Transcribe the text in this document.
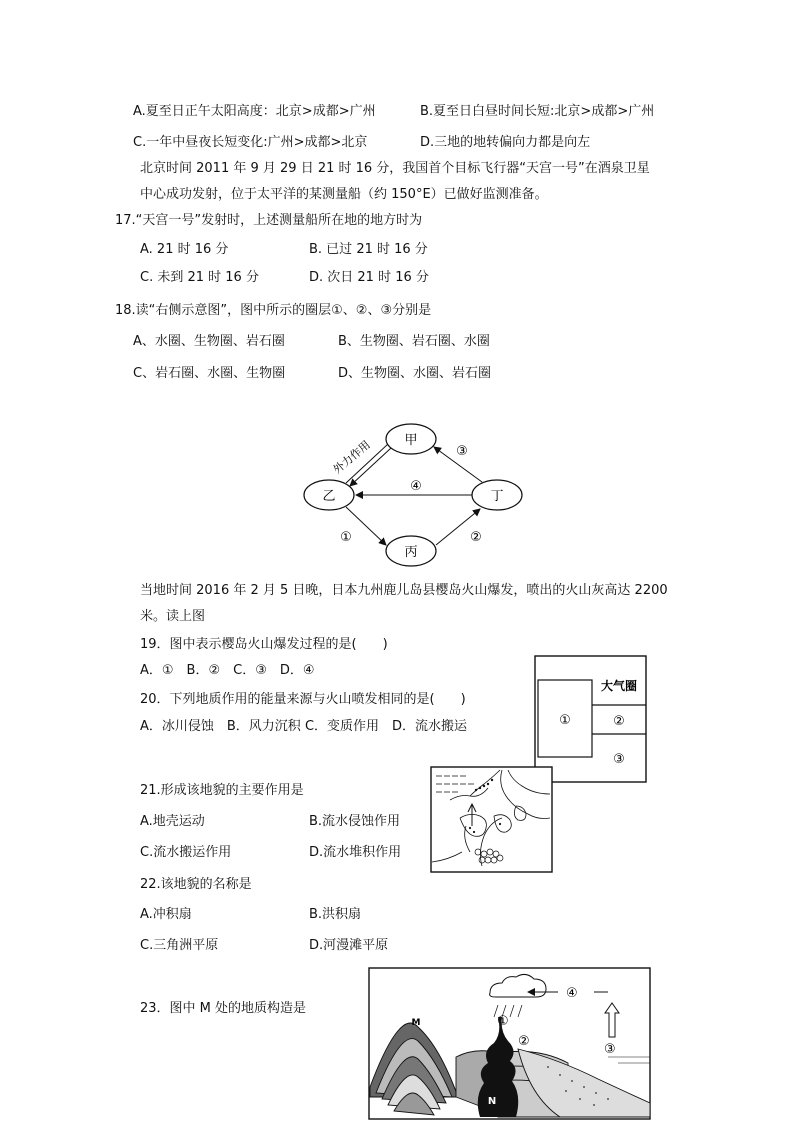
A.夏至日正午太阳高度：北京>成都>广州	B.夏至日白昼时间长短:北京>成都>广州
C.一年中昼夜长短变化:广州>成都>北京	D.三地的地转偏向力都是向左
北京时间 2011 年 9 月 29 日 21 时 16 分，我国首个目标飞行器“天宫一号”在酒泉卫星
中心成功发射，位于太平洋的某测量船（约 150°E）已做好监测准备。
17.“天宫一号”发射时，上述测量船所在地的地方时为
A. 21 时 16 分	B. 已过 21 时 16 分
C. 未到 21 时 16 分	D. 次日 21 时 16 分
18.读“右侧示意图”，图中所示的圈层①、②、③分别是
A、水圈、生物圈、岩石圈	B、生物圈、岩石圈、水圈
C、岩石圈、水圈、生物圈	D、生物圈、水圈、岩石圈
甲
乙	丁
丙
外力作用	③
④
①	②
当地时间 2016 年 2 月 5 日晚，日本九州鹿儿岛县樱岛火山爆发，喷出的火山灰高达 2200
米。读上图
19．图中表示樱岛火山爆发过程的是(　　)
A．①　B．②　C．③　D．④
20．下列地质作用的能量来源与火山喷发相同的是(　　)
A．冰川侵蚀　B．风力沉积 C．变质作用　D．流水搬运
大气圈
①	②
③
21.形成该地貌的主要作用是
A.地壳运动	B.流水侵蚀作用
C.流水搬运作用	D.流水堆积作用
22.该地貌的名称是
A.冲积扇	B.洪积扇
C.三角洲平原	D.河漫滩平原
23．图中 M 处的地质构造是
④
③
①
②
M
N
